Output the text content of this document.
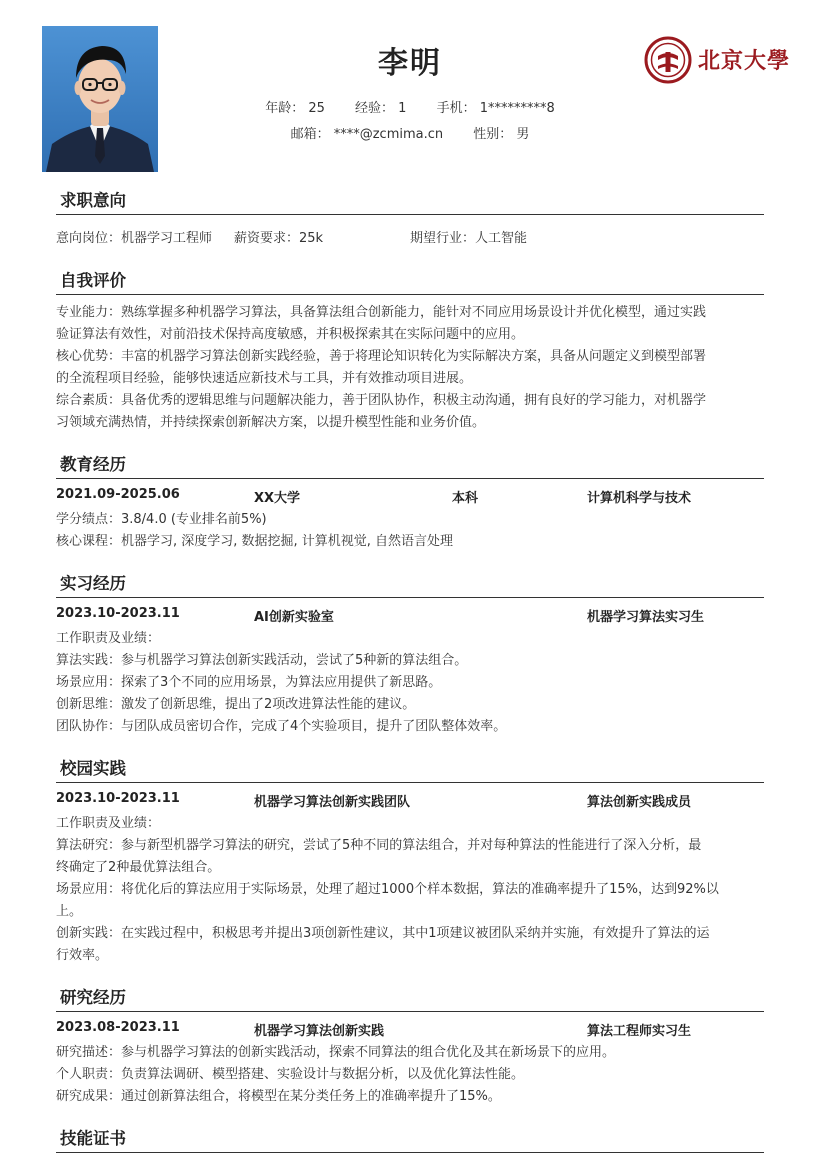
李明
年龄： 25 经验： 1 手机： 1*********8
邮箱： ****@zcmima.cn 性别： 男
北京大學
求职意向
意向岗位：机器学习工程师 薪资要求：25k	期望行业：人工智能
自我评价
专业能力：熟练掌握多种机器学习算法，具备算法组合创新能力，能针对不同应用场景设计并优化模型，通过实践
验证算法有效性，对前沿技术保持高度敏感，并积极探索其在实际问题中的应用。
核心优势：丰富的机器学习算法创新实践经验，善于将理论知识转化为实际解决方案，具备从问题定义到模型部署
的全流程项目经验，能够快速适应新技术与工具，并有效推动项目进展。
综合素质：具备优秀的逻辑思维与问题解决能力，善于团队协作，积极主动沟通，拥有良好的学习能力，对机器学
习领域充满热情，并持续探索创新解决方案，以提升模型性能和业务价值。
教育经历
2021.09-2025.06	XX大学	本科	计算机科学与技术
学分绩点：3.8/4.0 (专业排名前5%)
核心课程：机器学习, 深度学习, 数据挖掘, 计算机视觉, 自然语言处理
实习经历
2023.10-2023.11	AI创新实验室	机器学习算法实习生
工作职责及业绩：
算法实践：参与机器学习算法创新实践活动，尝试了5种新的算法组合。
场景应用：探索了3个不同的应用场景，为算法应用提供了新思路。
创新思维：激发了创新思维，提出了2项改进算法性能的建议。
团队协作：与团队成员密切合作，完成了4个实验项目，提升了团队整体效率。
校园实践
2023.10-2023.11	机器学习算法创新实践团队	算法创新实践成员
工作职责及业绩：
算法研究：参与新型机器学习算法的研究，尝试了5种不同的算法组合，并对每种算法的性能进行了深入分析，最
终确定了2种最优算法组合。
场景应用：将优化后的算法应用于实际场景，处理了超过1000个样本数据，算法的准确率提升了15%，达到92%以
上。
创新实践：在实践过程中，积极思考并提出3项创新性建议，其中1项建议被团队采纳并实施，有效提升了算法的运
行效率。
研究经历
2023.08-2023.11	机器学习算法创新实践	算法工程师实习生
研究描述：参与机器学习算法的创新实践活动，探索不同算法的组合优化及其在新场景下的应用。
个人职责：负责算法调研、模型搭建、实验设计与数据分析，以及优化算法性能。
研究成果：通过创新算法组合，将模型在某分类任务上的准确率提升了15%。
技能证书
